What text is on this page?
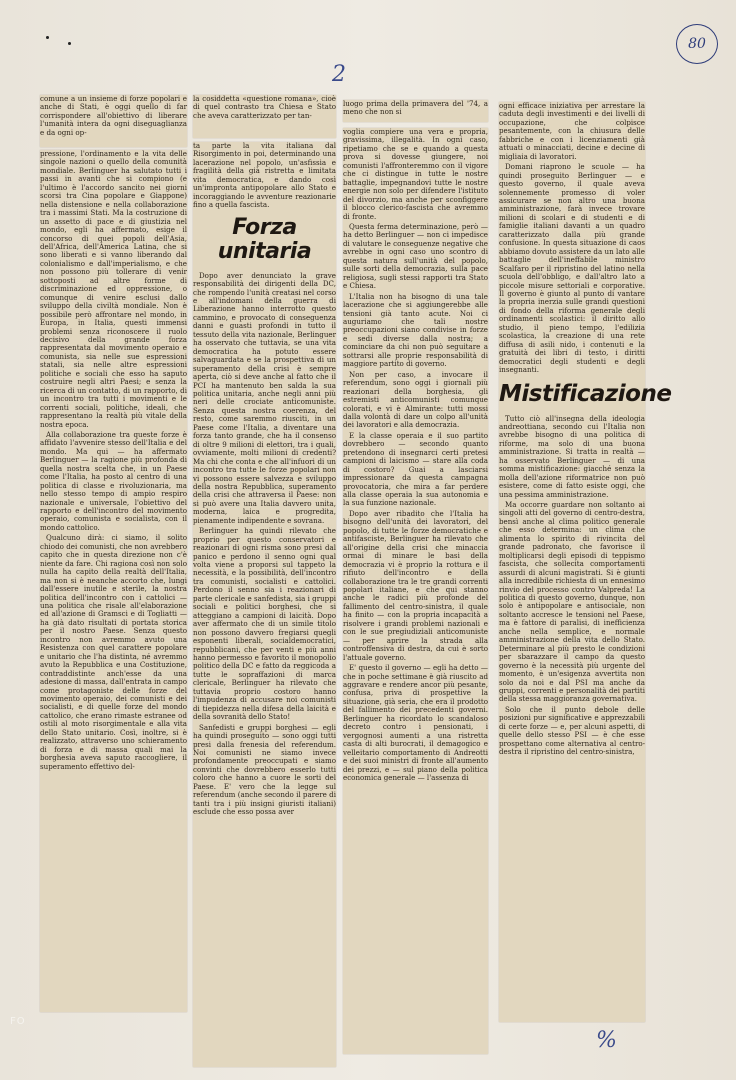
2
80

comune a un insieme di forze popolari e anche di Stati, è oggi quello di far corrispondere all'obiettivo di liberare l'umanità intera da ogni diseguaglianza e da ogni op-

pressione, l'ordinamento e la vita delle singole nazioni o quello della comunità mondiale. Berlinguer ha salutato tutti i passi in avanti che si compiono (e l'ultimo è l'accordo sancito nei giorni scorsi tra Cina popolare e Giappone) nella distensione e nella collaborazione tra i massimi Stati. Ma la costruzione di un assetto di pace e di giustizia nel mondo, egli ha affermato, esige il concorso di quei popoli dell'Asia, dell'Africa, dell'America Latina, che si sono liberati e si vanno liberando dal colonialismo e dall'imperialismo, e che non possono più tollerare di venir sottoposti ad altre forme di discriminazione ed oppressione, o comunque di venire esclusi dallo sviluppo della civiltà mondiale. Non è possibile però affrontare nel mondo, in Europa, in Italia, questi immensi problemi senza riconoscere il ruolo decisivo della grande forza rappresentata dal movimento operaio e comunista, sia nelle sue espressioni statali, sia nelle altre espressioni politiche e sociali che esso ha saputo costruire negli altri Paesi; e senza la ricerca di un contatto, di un rapporto, di un incontro tra tutti i movimenti e le correnti sociali, politiche, ideali, che rappresentano la realtà più vitale della nostra epoca.

Alla collaborazione tra queste forze è affidato l'avvenire stesso dell'Italia e del mondo. Ma qui — ha affermato Berlinguer — la ragione più profonda di quella nostra scelta che, in un Paese come l'Italia, ha posto al centro di una politica di classe e rivoluzionaria, ma nello stesso tempo di ampio respiro nazionale e universale, l'obiettivo del rapporto e dell'incontro del movimento operaio, comunista e socialista, con il mondo cattolico.

Qualcuno dirà: ci siamo, il solito chiodo dei comunisti, che non avrebbero capito che in questa direzione non c'è niente da fare. Chi ragiona così non solo nulla ha capito della realtà dell'Italia, ma non si è neanche accorto che, lungi dall'essere inutile e sterile, la nostra politica dell'incontro con i cattolici — una politica che risale all'elaborazione ed all'azione di Gramsci e di Togliatti — ha già dato risultati di portata storica per il nostro Paese. Senza questo incontro non avremmo avuto una Resistenza con quel carattere popolare e unitario che l'ha distinta, né avremmo avuto la Repubblica e una Costituzione, contraddistinte anch'esse da una adesione di massa, dall'entrata in campo come protagoniste delle forze del movimento operaio, dei comunisti e dei socialisti, e di quelle forze del mondo cattolico, che erano rimaste estranee od ostili al moto risorgimentale e alla vita dello Stato unitario. Così, inoltre, si è realizzato, attraverso uno schieramento di forza e di massa quali mai la borghesia aveva saputo raccogliere, il superamento effettivo del-

la cosiddetta «questione romana», cioè di quel contrasto tra Chiesa e Stato che aveva caratterizzato per tan-

ta parte la vita italiana dal Risorgimento in poi, determinando una lacerazione nel popolo, un'asfissia e fragilità della già ristretta e limitata vita democratica, e dando così un'impronta antipopolare allo Stato e incoraggiando le avventure reazionarie fino a quella fascista.

Forza unitaria

Dopo aver denunciato la grave responsabilità dei dirigenti della DC, che rompendo l'unità creatasi nel corso e all'indomani della guerra di Liberazione hanno interrotto questo cammino, e provocato di conseguenza danni e guasti profondi in tutto il tessuto della vita nazionale, Berlinguer ha osservato che tuttavia, se una vita democratica ha potuto essere salvaguardata e se la prospettiva di un superamento della crisi è sempre aperta, ciò si deve anche al fatto che il PCI ha mantenuto ben salda la sua politica unitaria, anche negli anni più neri delle crociate anticomuniste. Senza questa nostra coerenza, del resto, come saremmo riusciti, in un Paese come l'Italia, a diventare una forza tanto grande, che ha il consenso di oltre 9 milioni di elettori, tra i quali, ovviamente, molti milioni di credenti? Ma chi che conta e che all'infuori di un incontro tra tutte le forze popolari non vi possono essere salvezza e sviluppo della nostra Repubblica, superamento della crisi che attraversa il Paese: non si può avere una Italia davvero unita, moderna, laica e progredita, pienamente indipendente e sovrana.

Berlinguer ha quindi rilevato che proprio per questo conservatori e reazionari di ogni risma sono presi dal panico e perdono il senno ogni qual volta viene a proporsi sul tappeto la necessità, e la possibilità, dell'incontro tra comunisti, socialisti e cattolici. Perdono il senno sia i reazionari di parte clericale e sanfedista, sia i gruppi sociali e politici borghesi, che si atteggiano a campioni di laicità. Dopo aver affermato che di un simile titolo non possono davvero fregiarsi quegli esponenti liberali, socialdemocratici, repubblicani, che per venti e più anni hanno permesso e favorito il monopolio politico della DC e fatto da reggicoda a tutte le sopraffazioni di marca clericale, Berlinguer ha rilevato che tuttavia proprio costoro hanno l'impudenza di accusare noi comunisti di tiepidezza nella difesa della laicità e della sovranità dello Stato!

Sanfedisti e gruppi borghesi — egli ha quindi proseguito — sono oggi tutti presi dalla frenesia del referendum. Noi comunisti ne siamo invece profondamente preoccupati e siamo convinti che dovrebbero esserlo tutti coloro che hanno a cuore le sorti del Paese. E' vero che la legge sul referendum (anche secondo il parere di tanti tra i più insigni giuristi italiani) esclude che esso possa aver

luogo prima della primavera del '74, a meno che non si

voglia compiere una vera e propria, gravissima, illegalità. In ogni caso, ripetiamo che se e quando a questa prova si dovesse giungere, noi comunisti l'affronteremmo con il vigore che ci distingue in tutte le nostre battaglie, impegnandovi tutte le nostre energie non solo per difendere l'istituto del divorzio, ma anche per sconfiggere il blocco clerico-fascista che avremmo di fronte.

Questa ferma determinazione, però — ha detto Berlinguer — non ci impedisce di valutare le conseguenze negative che avrebbe in ogni caso uno scontro di questa natura sull'unità del popolo, sulle sorti della democrazia, sulla pace religiosa, sugli stessi rapporti tra Stato e Chiesa.

L'Italia non ha bisogno di una tale lacerazione che si aggiungerebbe alle tensioni già tanto acute. Noi ci auguriamo che tali nostre preoccupazioni siano condivise in forze e sedi diverse dalla nostra; a cominciare da chi non può seguitare a sottrarsi alle proprie responsabilità di maggiore partito di governo.

Non per caso, a invocare il referendum, sono oggi i giornali più reazionari della borghesia, gli estremisti anticomunisti comunque colorati, e vi è Almirante: tutti mossi dalla volontà di dare un colpo all'unità dei lavoratori e alla democrazia.

E la classe operaia e il suo partito dovrebbero — secondo quanto pretendono di insegnarci certi pretesi campioni di laicismo — stare alla coda di costoro? Guai a lasciarsi impressionare da questa campagna provocatoria, che mira a far perdere alla classe operaia la sua autonomia e la sua funzione nazionale.

Dopo aver ribadito che l'Italia ha bisogno dell'unità dei lavoratori, del popolo, di tutte le forze democratiche e antifasciste, Berlinguer ha rilevato che all'origine della crisi che minaccia ormai di minare le basi della democrazia vi è proprio la rottura e il rifiuto dell'incontro e della collaborazione tra le tre grandi correnti popolari italiane, e che qui stanno anche le radici più profonde del fallimento del centro-sinistra, il quale ha finito — con la propria incapacità a risolvere i grandi problemi nazionali e con le sue pregiudiziali anticomuniste — per aprire la strada alla controffensiva di destra, da cui è sorto l'attuale governo.

E' questo il governo — egli ha detto — che in poche settimane è già riuscito ad aggravare e rendere ancor più pesante, confusa, priva di prospettive la situazione, già seria, che era il prodotto del fallimento dei precedenti governi. Berlinguer ha ricordato lo scandaloso decreto contro i pensionati, i vergognosi aumenti a una ristretta casta di alti burocrati, il demagogico e velleitario comportamento di Andreotti e dei suoi ministri di fronte all'aumento dei prezzi, e — sul piano della politica economica generale — l'assenza di

ogni efficace iniziativa per arrestare la caduta degli investimenti e dei livelli di occupazione, che colpisce pesantemente, con la chiusura delle fabbriche e con i licenziamenti già attuati o minacciati, decine e decine di migliaia di lavoratori.

Domani riaprono le scuole — ha quindi proseguito Berlinguer — e questo governo, il quale aveva solennemente promesso di voler assicurare se non altro una buona amministrazione, farà invece trovare milioni di scolari e di studenti e di famiglie italiani davanti a un quadro caratterizzato dalla più grande confusione. In questa situazione di caos abbiamo dovuto assistere da un lato alle battaglie dell'ineffabile ministro Scalfaro per il ripristino del latino nella scuola dell'obbligo, e dall'altro lato a piccole misure settoriali e corporative. Il governo è giunto al punto di vantare la propria inerzia sulle grandi questioni di fondo della riforma generale degli ordinamenti scolastici: il diritto allo studio, il pieno tempo, l'edilizia scolastica, la creazione di una rete diffusa di asili nido, i contenuti e la gratuità dei libri di testo, i diritti democratici degli studenti e degli insegnanti.

Mistificazione

Tutto ciò all'insegna della ideologia andreottiana, secondo cui l'Italia non avrebbe bisogno di una politica di riforme, ma solo di una buona amministrazione. Si tratta in realtà — ha osservato Berlinguer — di una somma mistificazione: giacché senza la molla dell'azione riformatrice non può esistere, come di fatto esiste oggi, che una pessima amministrazione.

Ma occorre guardare non soltanto ai singoli atti del governo di centro-destra, bensì anche al clima politico generale che esso determina: un clima che alimenta lo spirito di rivincita del grande padronato, che favorisce il moltiplicarsi degli episodi di teppismo fascista, che sollecita comportamenti assurdi di alcuni magistrati. Si è giunti alla incredibile richiesta di un ennesimo rinvio del processo contro Valpreda! La politica di questo governo, dunque, non solo è antipopolare e antisociale, non soltanto accresce le tensioni nel Paese, ma è fattore di paralisi, di inefficienza anche nella semplice, e normale amministrazione della vita dello Stato. Determinare al più presto le condizioni per sbarazzare il campo da questo governo è la necessità più urgente del momento, è un'esigenza avvertita non solo da noi e dal PSI ma anche da gruppi, correnti e personalità dei partiti della stessa maggioranza governativa.

Solo che il punto debole delle posizioni pur significative e apprezzabili di certe forze — e, per alcuni aspetti, di quelle dello stesso PSI — è che esse prospettano come alternativa al centro-destra il ripristino del centro-sinistra,

%
FO
